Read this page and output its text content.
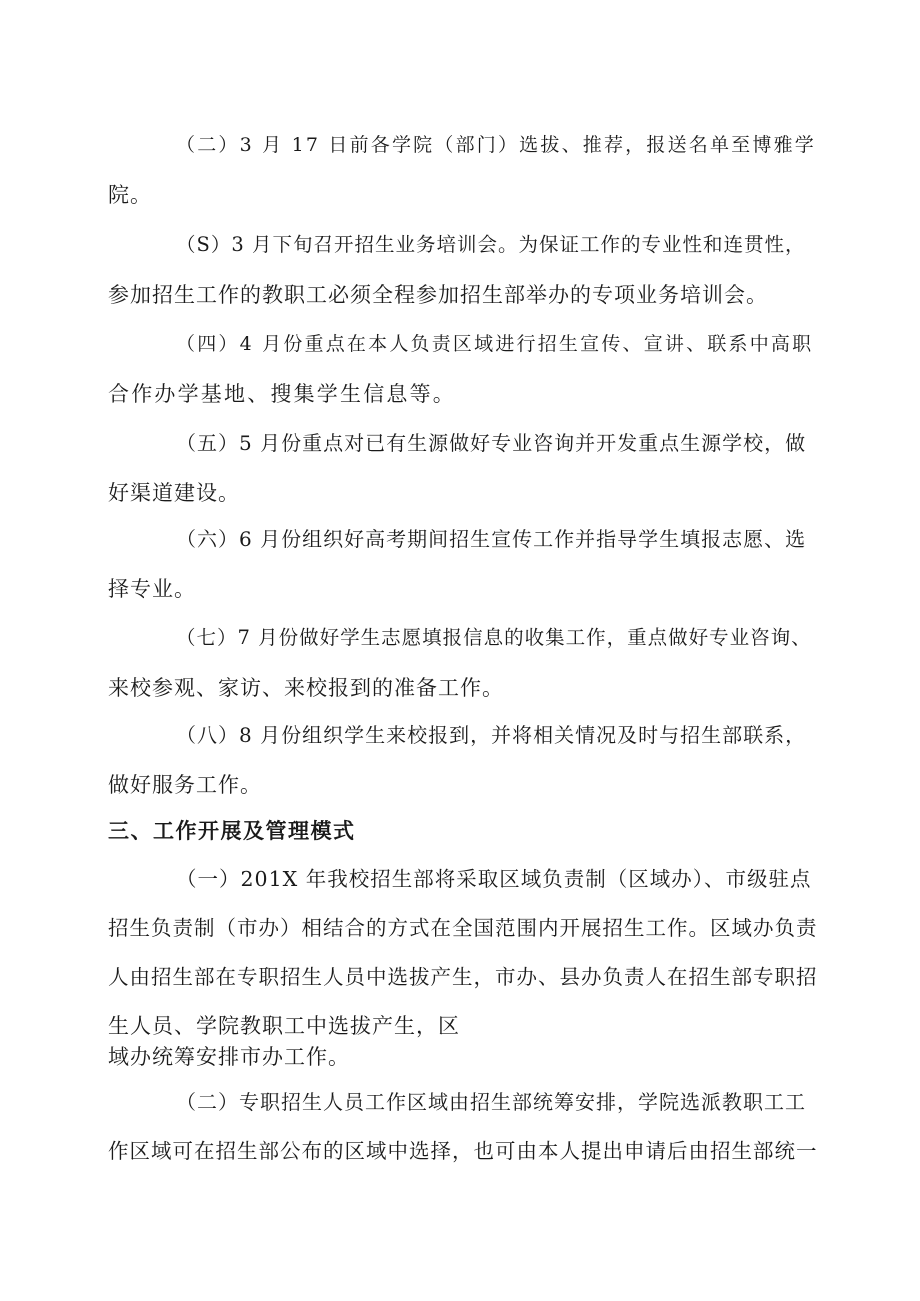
（二）3 月 17 日前各学院（部门）选拔、推荐，报送名单至博雅学
院。
（S）3 月下旬召开招生业务培训会。为保证工作的专业性和连贯性，
参加招生工作的教职工必须全程参加招生部举办的专项业务培训会。
（四）4 月份重点在本人负责区域进行招生宣传、宣讲、联系中高职
合作办学基地、搜集学生信息等。
（五）5 月份重点对已有生源做好专业咨询并开发重点生源学校，做
好渠道建设。
（六）6 月份组织好高考期间招生宣传工作并指导学生填报志愿、选
择专业。
（七）7 月份做好学生志愿填报信息的收集工作，重点做好专业咨询、
来校参观、家访、来校报到的准备工作。
（八）8 月份组织学生来校报到，并将相关情况及时与招生部联系，
做好服务工作。
三、工作开展及管理模式
（一）201X 年我校招生部将采取区域负责制（区域办）、市级驻点
招生负责制（市办）相结合的方式在全国范围内开展招生工作。区域办负责
人由招生部在专职招生人员中选拔产生，市办、县办负责人在招生部专职招
生人员、学院教职工中选拔产生，区
域办统筹安排市办工作。
（二）专职招生人员工作区域由招生部统筹安排，学院选派教职工工
作区域可在招生部公布的区域中选择，也可由本人提出申请后由招生部统一
